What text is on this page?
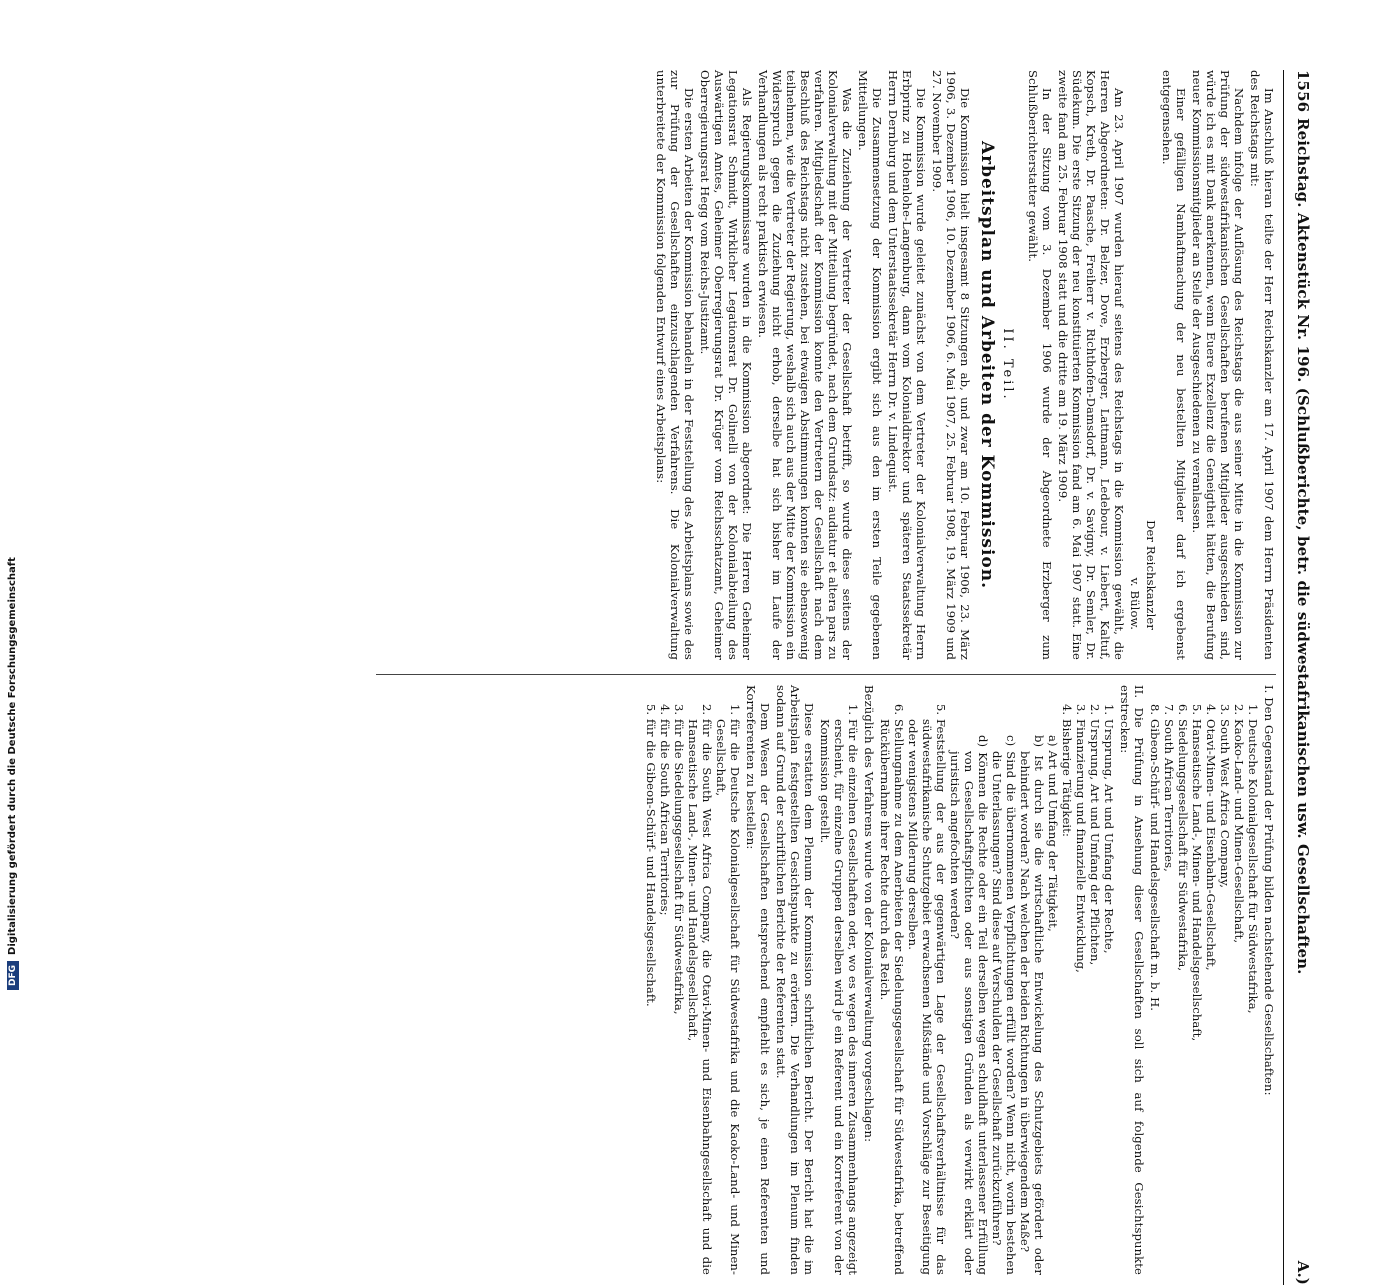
DFGDigitalisierung gefördert durch die Deutsche Forschungsgemeinschaft
1556
Reichstag. Aktenstück Nr. 196. (Schlußberichte, betr. die südwestafrikanischen usw. Gesellschaften.
A.)

Im Anschluß hieran teilte der Herr Reichskanzler am 17. April 1907 dem Herrn Präsidenten des Reichstags mit:

Nachdem infolge der Auflösung des Reichstags die aus seiner Mitte in die Kommission zur Prüfung der südwestafrikanischen Gesellschaften berufenen Mitglieder ausgeschieden sind, würde ich es mit Dank anerkennen, wenn Euere Exzellenz die Geneigtheit hätten, die Berufung neuer Kommissionsmitglieder an Stelle der Ausgeschiedenen zu veranlassen.

Einer gefälligen Namhaftmachung der neu bestellten Mitglieder darf ich ergebenst entgegensehen.

Der Reichskanzler

v. Bülow.

Am 23. April 1907 wurden hierauf seitens des Reichstags in die Kommission gewählt, die Herren Abgeordneten: Dr. Belzer, Dove, Erzberger, Lattmann, Ledebour, v. Liebert, Kaltuf, Kopsch, Kreth, Dr. Paasche, Freiherr v. Richthofen-Damsdorf, Dr. v. Savigny, Dr. Semler, Dr. Südekum. Die erste Sitzung der neu konstituierten Kommission fand am 6. Mai 1907 statt. Eine zweite fand am 25. Februar 1908 statt und die dritte am 19. März 1909.

In der Sitzung vom 3. Dezember 1906 wurde der Abgeordnete Erzberger zum Schlußberichterstatter gewählt.

II. Teil.

Arbeitsplan und Arbeiten der Kommission.

Die Kommission hielt insgesamt 8 Sitzungen ab, und zwar am 10. Februar 1906, 23. März 1906, 3. Dezember 1906, 10. Dezember 1906, 6. Mai 1907, 25. Februar 1908, 19. März 1909 und 27. November 1909.

Die Kommission wurde geleitet zunächst von dem Vertreter der Kolonialverwaltung Herrn Erbprinz zu Hohenlohe-Langenburg, dann vom Kolonialdirektor und späteren Staatssekretär Herrn Dernburg und dem Unterstaatssekretär Herrn Dr. v. Lindequist.

Die Zusammensetzung der Kommission ergibt sich aus den im ersten Teile gegebenen Mitteilungen.

Was die Zuziehung der Vertreter der Gesellschaft betrifft, so wurde diese seitens der Kolonialverwaltung mit der Mitteilung begründet, nach dem Grundsatz: audiatur et altera pars zu verfahren. Mitgliedschaft der Kommission konnte den Vertretern der Gesellschaft nach dem Beschluß des Reichstags nicht zustehen, bei etwaigen Abstimmungen konnten sie ebensowenig teilnehmen, wie die Vertreter der Regierung, weshalb sich auch aus der Mitte der Kommission ein Widerspruch gegen die Zuziehung nicht erhob, derselbe hat sich bisher im Laufe der Verhandlungen als recht praktisch erwiesen.

Als Regierungskommissare wurden in die Kommission abgeordnet: Die Herren Geheimer Legationsrat Schmidt, Wirklicher Legationsrat Dr. Golinelli von der Kolonialabteilung des Auswärtigen Amtes, Geheimer Oberregierungsrat Dr. Krüger vom Reichsschatzamt, Geheimer Oberregierungsrat Hegg vom Reichs-Justizamt.

Die ersten Arbeiten der Kommission behandeln in der Feststellung des Arbeitsplans sowie des zur Prüfung der Gesellschaften einzuschlagenden Verfahrens. Die Kolonialverwaltung unterbreitete der Kommission folgenden Entwurf eines Arbeitsplans:

I. Den Gegenstand der Prüfung bilden nachstehende Gesellschaften:

1. Deutsche Kolonialgesellschaft für Südwestafrika,
2. Kaoko-Land- und Minen-Gesellschaft,
3. South West Africa Company,
4. Otavi-Minen- und Eisenbahn-Gesellschaft,
5. Hanseatische Land-, Minen- und Handelsgesellschaft,
6. Siedelungsgesellschaft für Südwestafrika,
7. South African Territories,
8. Gibeon-Schürf- und Handelsgesellschaft m. b. H.

II. Die Prüfung in Ansehung dieser Gesellschaften soll sich auf folgende Gesichtspunkte erstrecken:

1. Ursprung, Art und Umfang der Rechte,
2. Ursprung, Art und Umfang der Pflichten,
3. Finanzierung und finanzielle Entwicklung,
4. Bisherige Tätigkeit:
a) Art und Umfang der Tätigkeit,
b) Ist durch sie die wirtschaftliche Entwickelung des Schutzgebiets gefördert oder behindert worden? Nach welchen der beiden Richtungen in überwiegendem Maße?
c) Sind die übernommenen Verpflichtungen erfüllt worden? Wenn nicht, worin bestehen die Unterlassungen? Sind diese auf Verschulden der Gesellschaft zurückzuführen?
d) Können die Rechte oder ein Teil derselben wegen schuldhaft unterlassener Erfüllung von Gesellschaftspflichten oder aus sonstigen Gründen als verwirkt erklärt oder juristisch angefochten werden?
5. Feststellung der aus der gegenwärtigen Lage der Gesellschaftsverhältnisse für das südwestafrikanische Schutzgebiet erwachsenen Mißstände und Vorschläge zur Beseitigung oder wenigstens Milderung derselben.
6. Stellungnahme zu dem Anerbieten der Siedelungsgesellschaft für Südwestafrika, betreffend Rückübernahme ihrer Rechte durch das Reich.

Bezüglich des Verfahrens wurde von der Kolonialverwaltung vorgeschlagen:

1. Für die einzelnen Gesellschaften oder, wo es wegen des inneren Zusammenhangs angezeigt erscheint, für einzelne Gruppen derselben wird je ein Referent und ein Korreferent von der Kommission gestellt.

Diese erstatten dem Plenum der Kommission schriftlichen Bericht. Der Bericht hat die im Arbeitsplan festgestellten Gesichtspunkte zu erörtern. Die Verhandlungen im Plenum finden sodann auf Grund der schriftlichen Berichte der Referenten statt.

Dem Wesen der Gesellschaften entsprechend empfiehlt es sich, je einen Referenten und Korreferenten zu bestellen:

1. für die Deutsche Kolonialgesellschaft für Südwestafrika und die Kaoko-Land- und Minen-Gesellschaft,
2. für die South West Africa Company, die Otavi-Minen- und Eisenbahngesellschaft und die Hanseatische Land-, Minen- und Handelsgesellschaft,
3. für die Siedelungsgesellschaft für Südwestafrika,
4. für die South African Territories;
5. für die Gibeon-Schürf- und Handelsgesellschaft.
